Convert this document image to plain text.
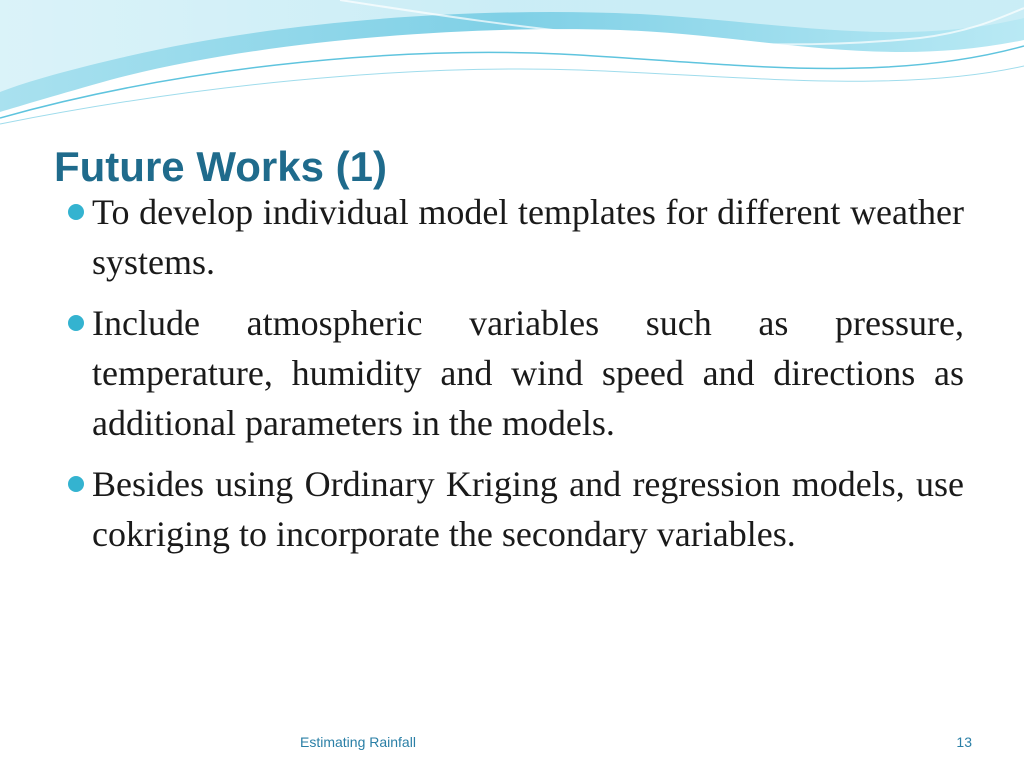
Future Works (1)
To develop individual model templates for different weather systems.
Include atmospheric variables such as pressure, temperature, humidity and wind speed and directions as additional parameters in the models.
Besides using Ordinary Kriging and regression models, use cokriging to incorporate the secondary variables.
Estimating Rainfall	13
